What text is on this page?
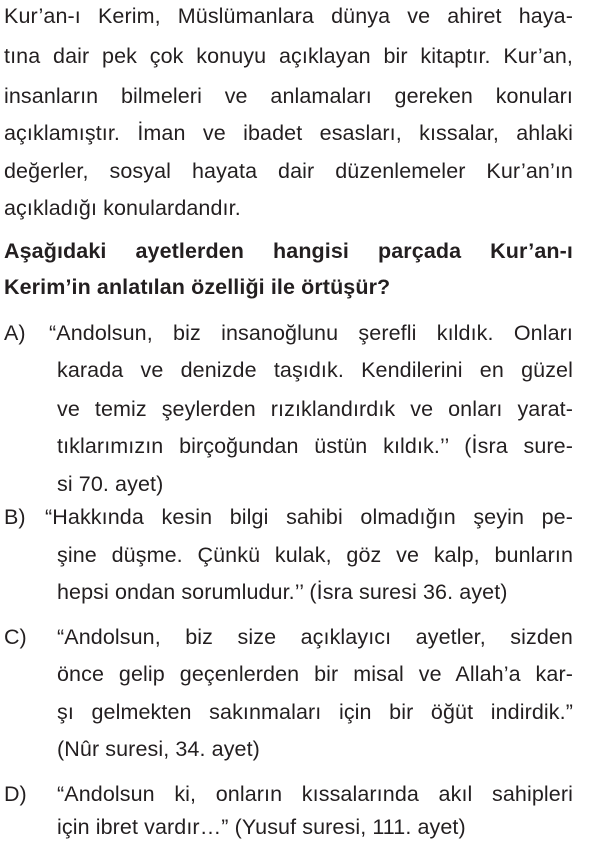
Kur’an-ı Kerim, Müslümanlara dünya ve ahiret haya-
tına dair pek çok konuyu açıklayan bir kitaptır. Kur’an,
insanların bilmeleri ve anlamaları gereken konuları
açıklamıştır. İman ve ibadet esasları, kıssalar, ahlaki
değerler, sosyal hayata dair düzenlemeler Kur’an’ın
açıkladığı konulardandır.
Aşağıdaki ayetlerden hangisi parçada Kur’an-ı
Kerim’in anlatılan özelliği ile örtüşür?
A) “Andolsun, biz insanoğlunu şerefli kıldık. Onları
karada ve denizde taşıdık. Kendilerini en güzel
ve temiz şeylerden rızıklandırdık ve onları yarat-
tıklarımızın birçoğundan üstün kıldık.’’ (İsra sure-
si 70. ayet)
B) “Hakkında kesin bilgi sahibi olmadığın şeyin pe-
şine düşme. Çünkü kulak, göz ve kalp, bunların
hepsi ondan sorumludur.’’ (İsra suresi 36. ayet)
C) “Andolsun, biz size açıklayıcı ayetler, sizden
önce gelip geçenlerden bir misal ve Allah’a kar-
şı gelmekten sakınmaları için bir öğüt indirdik.”
(Nûr suresi, 34. ayet)
D) “Andolsun ki, onların kıssalarında akıl sahipleri
için ibret vardır…” (Yusuf suresi, 111. ayet)
